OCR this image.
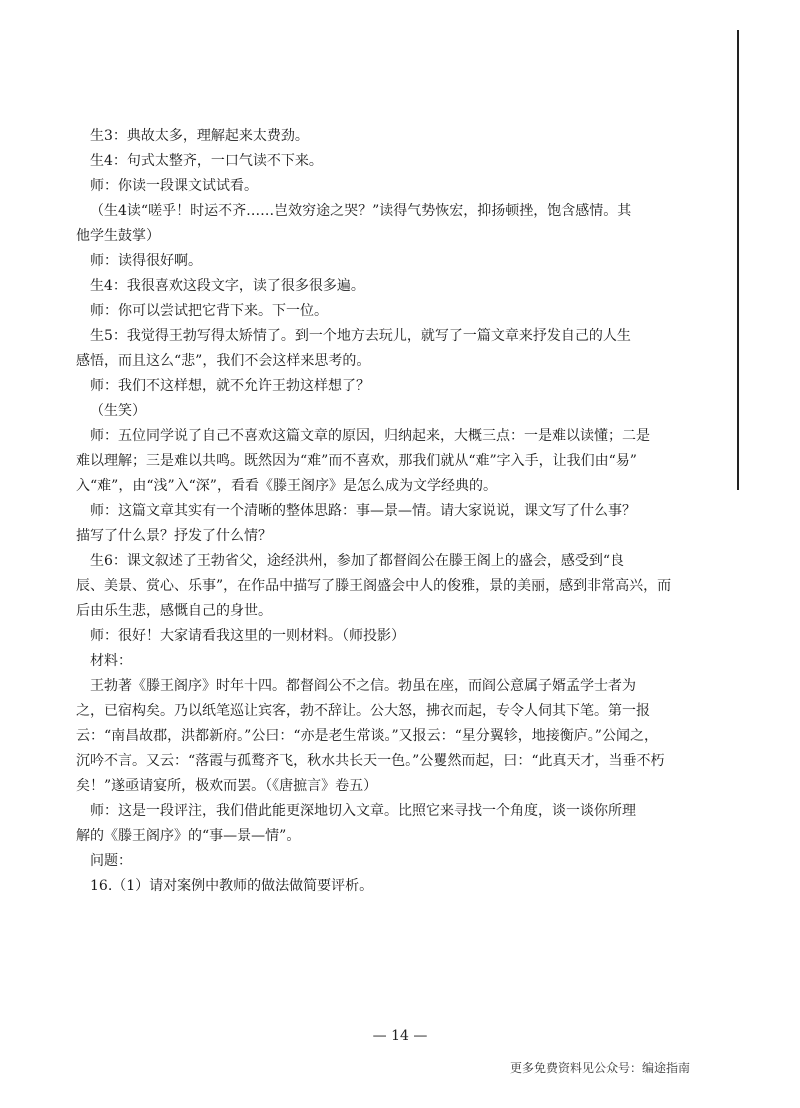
生3：典故太多，理解起来太费劲。

生4：句式太整齐，一口气读不下来。

师：你读一段课文试试看。

（生4读“嗟乎！时运不齐……岂效穷途之哭？”读得气势恢宏，抑扬顿挫，饱含感情。其

他学生鼓掌）

师：读得很好啊。

生4：我很喜欢这段文字，读了很多很多遍。

师：你可以尝试把它背下来。下一位。

生5：我觉得王勃写得太矫情了。到一个地方去玩儿，就写了一篇文章来抒发自己的人生

感悟，而且这么“悲”，我们不会这样来思考的。

师：我们不这样想，就不允许王勃这样想了？

（生笑）

师：五位同学说了自己不喜欢这篇文章的原因，归纳起来，大概三点：一是难以读懂；二是

难以理解；三是难以共鸣。既然因为“难”而不喜欢，那我们就从“难”字入手，让我们由“易”

入“难”，由“浅”入“深”，看看《滕王阁序》是怎么成为文学经典的。

师：这篇文章其实有一个清晰的整体思路：事—景—情。请大家说说，课文写了什么事？

描写了什么景？抒发了什么情？

生6：课文叙述了王勃省父，途经洪州，参加了都督阎公在滕王阁上的盛会，感受到“良

辰、美景、赏心、乐事”，在作品中描写了滕王阁盛会中人的俊雅，景的美丽，感到非常高兴，而

后由乐生悲，感慨自己的身世。

师：很好！大家请看我这里的一则材料。（师投影）

材料：

王勃著《滕王阁序》时年十四。都督阎公不之信。勃虽在座，而阎公意属子婿孟学士者为

之，已宿构矣。乃以纸笔巡让宾客，勃不辞让。公大怒，拂衣而起，专令人伺其下笔。第一报

云：“南昌故郡，洪都新府。”公曰：“亦是老生常谈。”又报云：“星分翼轸，地接衡庐。”公闻之，

沉吟不言。又云：“落霞与孤鹜齐飞，秋水共长天一色。”公矍然而起，曰：“此真天才，当垂不朽

矣！”遂亟请宴所，极欢而罢。（《唐摭言》卷五）

师：这是一段评注，我们借此能更深地切入文章。比照它来寻找一个角度，谈一谈你所理

解的《滕王阁序》的“事—景—情”。

问题：

16.（1）请对案例中教师的做法做简要评析。

— 14 —
更多免费资料见公众号：编途指南
